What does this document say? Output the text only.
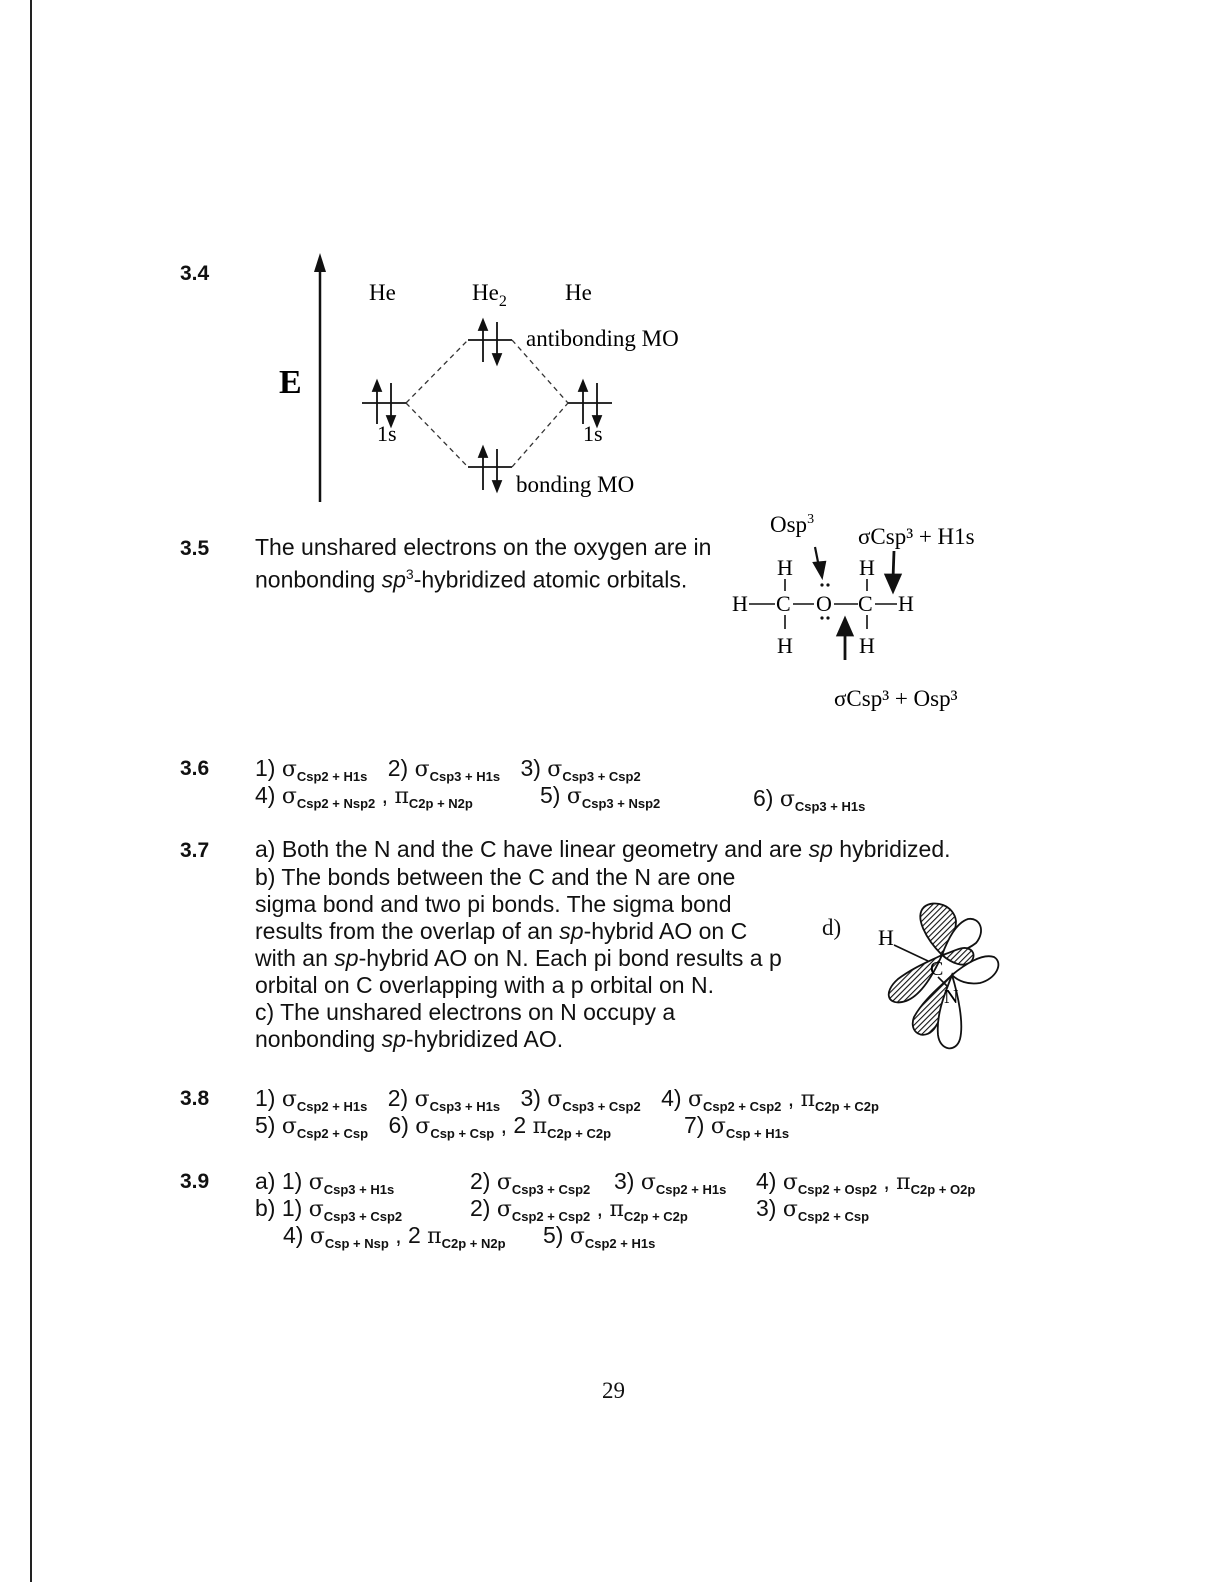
3.4
E
He	$He_2$	He
antibonding MO
1s	1s
bonding MO
3.5 The unshared electrons on the oxygen are in nonbonding $sp^3$-hybridized atomic orbitals.
Osp$^3$
σCsp³ + H1s
H	H
H C O C H
H	H
σCsp³ + Osp³
3.6 1) $\sigma_{Csp2 + H1s}$ 2) $\sigma_{Csp3 + H1s}$ 3) $\sigma_{Csp3 + Csp2}$
4) $\sigma_{Csp2 + Nsp2}$ , $\pi_{C2p + N2p}$	5) $\sigma_{Csp3 + Nsp2}$	6) $\sigma_{Csp3 + H1s}$
3.7 a) Both the N and the C have linear geometry and are sp hybridized.
b) The bonds between the C and the N are one
sigma bond and two pi bonds. The sigma bond
results from the overlap of an sp-hybrid AO on C
with an sp-hybrid AO on N. Each pi bond results a p
orbital on C overlapping with a p orbital on N.
c) The unshared electrons on N occupy a
nonbonding sp-hybridized AO.
d) H
C
N
3.8 1) $\sigma_{Csp2 + H1s}$ 2) $\sigma_{Csp3 + H1s}$ 3) $\sigma_{Csp3 + Csp2}$ 4) $\sigma_{Csp2 + Csp2}$ , $\pi_{C2p + C2p}$
5) $\sigma_{Csp2 + Csp}$ 6) $\sigma_{Csp + Csp}$ , 2 $\pi_{C2p + C2p}$	7) $\sigma_{Csp + H1s}$
3.9 a) 1) $\sigma_{Csp3 + H1s}$	2) $\sigma_{Csp3 + Csp2}$ 3) $\sigma_{Csp2 + H1s}$ 4) $\sigma_{Csp2 + Osp2}$ , $\pi_{C2p + O2p}$
b) 1) $\sigma_{Csp3 + Csp2}$	2) $\sigma_{Csp2 + Csp2}$ , $\pi_{C2p + C2p}$	3) $\sigma_{Csp2 + Csp}$
4) $\sigma_{Csp + Nsp}$ , 2 $\pi_{C2p + N2p}$ 5) $\sigma_{Csp2 + H1s}$
29
